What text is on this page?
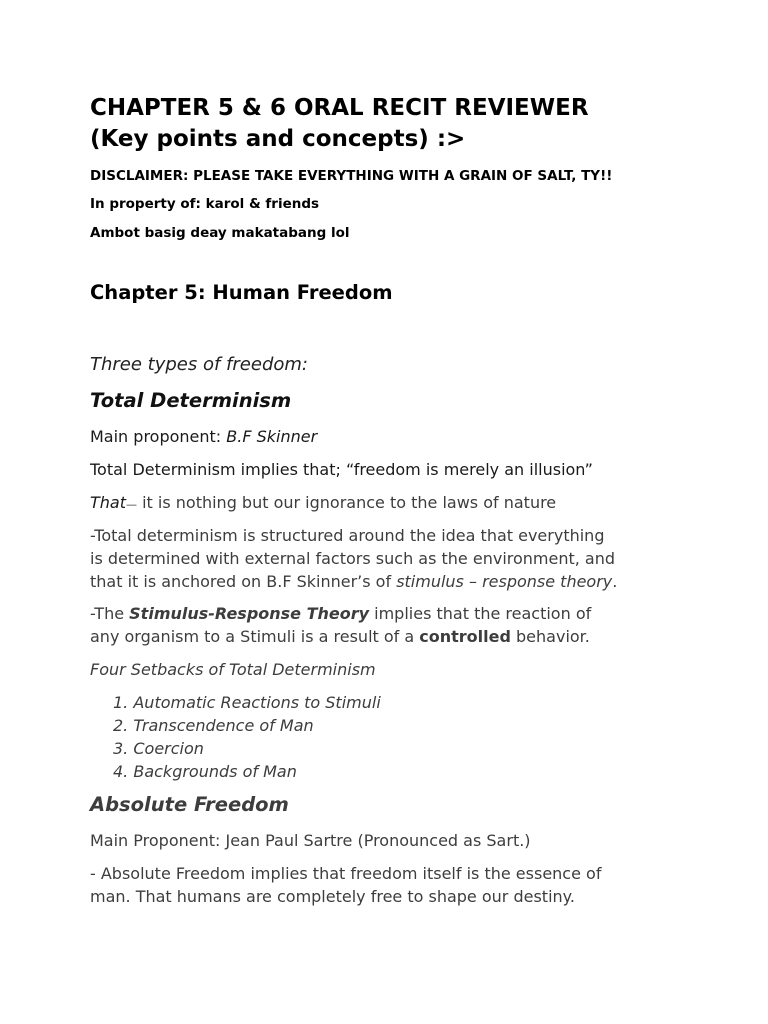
CHAPTER 5 & 6 ORAL RECIT REVIEWER
(Key points and concepts) :>

DISCLAIMER: PLEASE TAKE EVERYTHING WITH A GRAIN OF SALT, TY!!

In property of: karol & friends

Ambot basig deay makatabang lol

Chapter 5: Human Freedom

Three types of freedom:

Total Determinism

Main proponent: B.F Skinner

Total Determinism implies that; “freedom is merely an illusion”

That— it is nothing but our ignorance to the laws of nature

-Total determinism is structured around the idea that everything
is determined with external factors such as the environment, and
that it is anchored on B.F Skinner’s of stimulus – response theory.

-The Stimulus-Response Theory implies that the reaction of
any organism to a Stimuli is a result of a controlled behavior.

Four Setbacks of Total Determinism

1. Automatic Reactions to Stimuli
2. Transcendence of Man
3. Coercion
4. Backgrounds of Man
Absolute Freedom

Main Proponent: Jean Paul Sartre (Pronounced as Sart.)

- Absolute Freedom implies that freedom itself is the essence of
man. That humans are completely free to shape our destiny.
